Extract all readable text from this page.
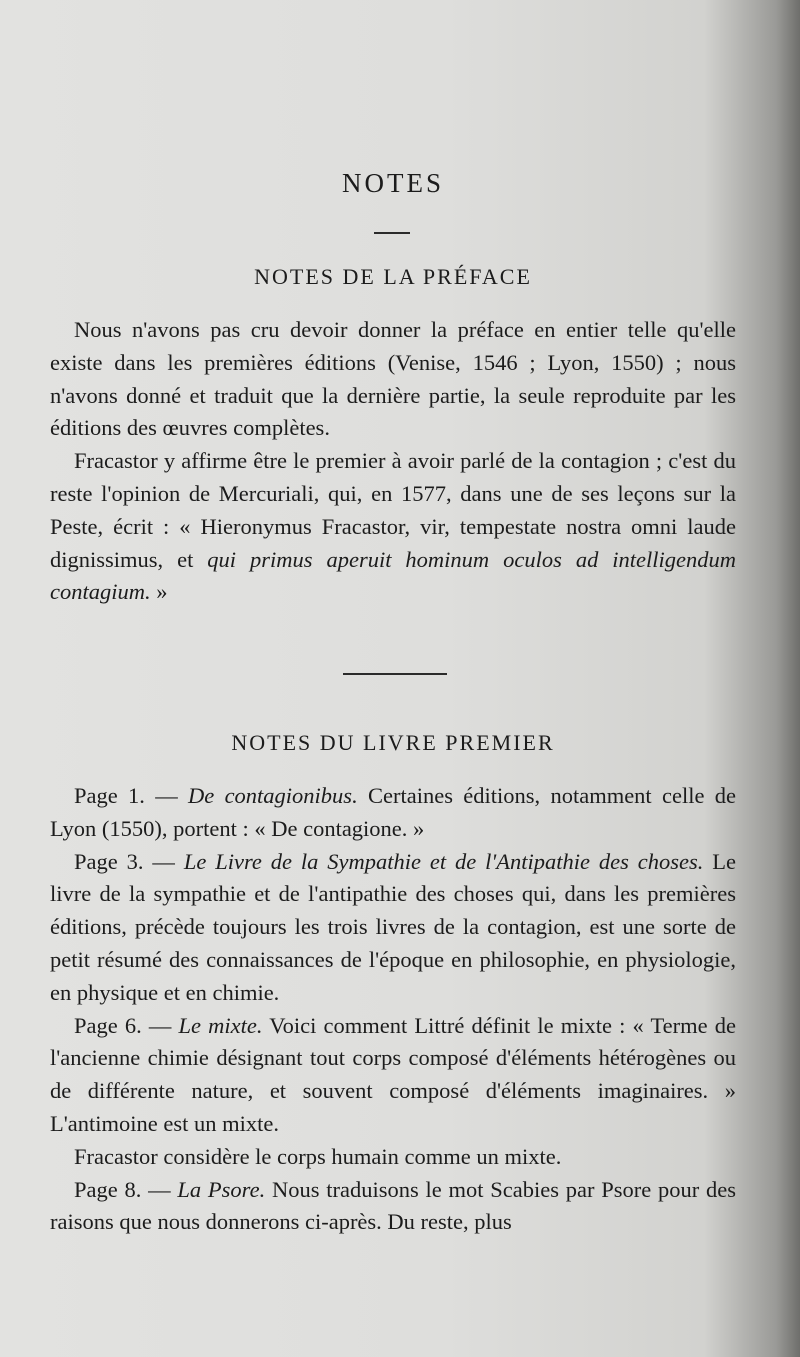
NOTES
NOTES DE LA PRÉFACE

Nous n'avons pas cru devoir donner la préface en entier telle qu'elle existe dans les premières éditions (Venise, 1546 ; Lyon, 1550) ; nous n'avons donné et traduit que la dernière partie, la seule reproduite par les éditions des œuvres complètes.

Fracastor y affirme être le premier à avoir parlé de la contagion ; c'est du reste l'opinion de Mercuriali, qui, en 1577, dans une de ses leçons sur la Peste, écrit : « Hieronymus Fracastor, vir, tempestate nostra omni laude dignissimus, et qui primus aperuit hominum oculos ad intelligendum contagium. »

NOTES DU LIVRE PREMIER

Page 1. — De contagionibus. Certaines éditions, notamment celle de Lyon (1550), portent : « De contagione. »

Page 3. — Le Livre de la Sympathie et de l'Antipathie des choses. Le livre de la sympathie et de l'antipathie des choses qui, dans les premières éditions, précède toujours les trois livres de la contagion, est une sorte de petit résumé des connaissances de l'époque en philosophie, en physiologie, en physique et en chimie.

Page 6. — Le mixte. Voici comment Littré définit le mixte : « Terme de l'ancienne chimie désignant tout corps composé d'éléments hétérogènes ou de différente nature, et souvent composé d'éléments imaginaires. » L'antimoine est un mixte.

Fracastor considère le corps humain comme un mixte.

Page 8. — La Psore. Nous traduisons le mot Scabies par Psore pour des raisons que nous donnerons ci-après. Du reste, plus
